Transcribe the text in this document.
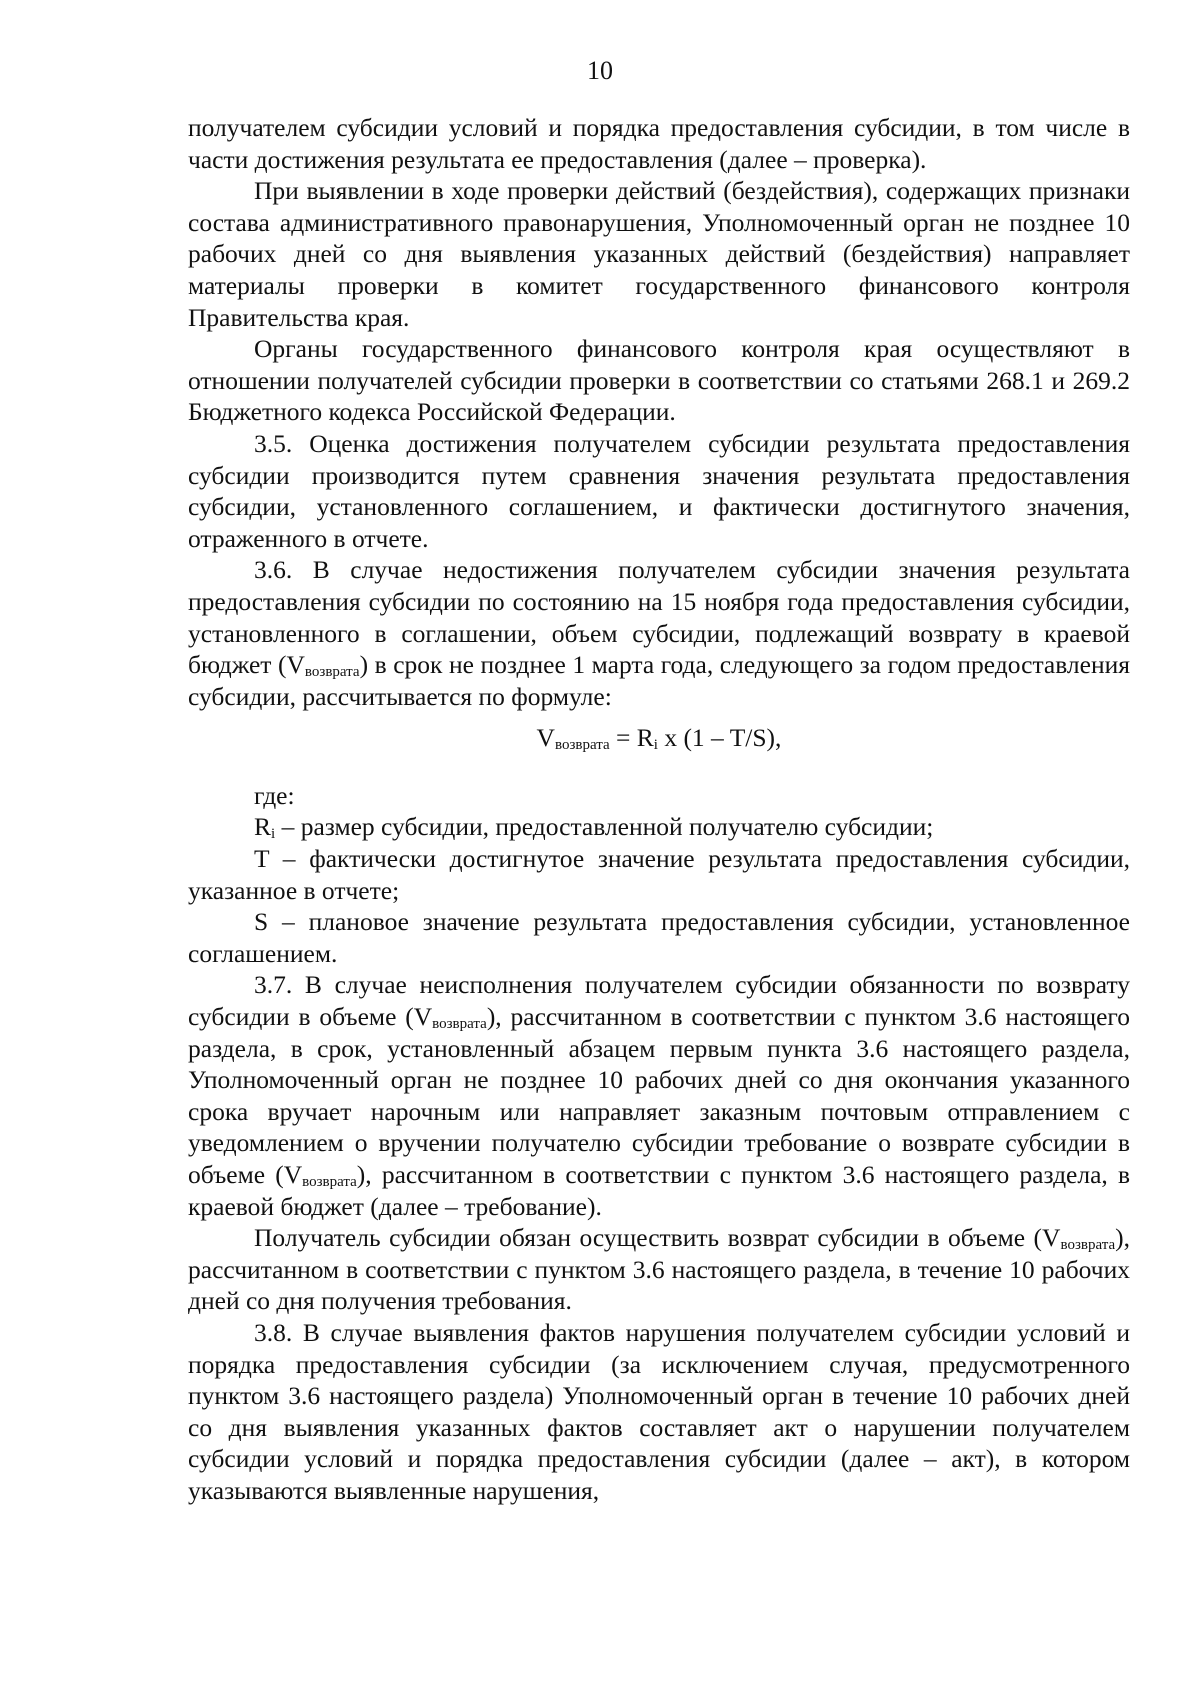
10

получателем субсидии условий и порядка предоставления субсидии, в том числе в части достижения результата ее предоставления (далее – проверка).

При выявлении в ходе проверки действий (бездействия), содержащих признаки состава административного правонарушения, Уполномоченный орган не позднее 10 рабочих дней со дня выявления указанных действий (бездействия) направляет материалы проверки в комитет государственного финансового контроля Правительства края.

Органы государственного финансового контроля края осуществляют в отношении получателей субсидии проверки в соответствии со статьями 268.1 и 269.2 Бюджетного кодекса Российской Федерации.

3.5. Оценка достижения получателем субсидии результата предоставления субсидии производится путем сравнения значения результата предоставления субсидии, установленного соглашением, и фактически достигнутого значения, отраженного в отчете.

3.6. В случае недостижения получателем субсидии значения результата предоставления субсидии по состоянию на 15 ноября года предоставления субсидии, установленного в соглашении, объем субсидии, подлежащий возврату в краевой бюджет $(V_{возврата})$ в срок не позднее 1 марта года, следующего за годом предоставления субсидии, рассчитывается по формуле:

$V_{возврата} = R_i$ x (1 – T/S),

где:

$R_i$ – размер субсидии, предоставленной получателю субсидии;

T – фактически достигнутое значение результата предоставления субсидии, указанное в отчете;

S – плановое значение результата предоставления субсидии, установленное соглашением.

3.7. В случае неисполнения получателем субсидии обязанности по возврату субсидии в объеме $(V_{возврата})$, рассчитанном в соответствии с пунктом 3.6 настоящего раздела, в срок, установленный абзацем первым пункта 3.6 настоящего раздела, Уполномоченный орган не позднее 10 рабочих дней со дня окончания указанного срока вручает нарочным или направляет заказным почтовым отправлением с уведомлением о вручении получателю субсидии требование о возврате субсидии в объеме $(V_{возврата})$, рассчитанном в соответствии с пунктом 3.6 настоящего раздела, в краевой бюджет (далее – требование).

Получатель субсидии обязан осуществить возврат субсидии в объеме $(V_{возврата})$, рассчитанном в соответствии с пунктом 3.6 настоящего раздела, в течение 10 рабочих дней со дня получения требования.

3.8. В случае выявления фактов нарушения получателем субсидии условий и порядка предоставления субсидии (за исключением случая, предусмотренного пунктом 3.6 настоящего раздела) Уполномоченный орган в течение 10 рабочих дней со дня выявления указанных фактов составляет акт о нарушении получателем субсидии условий и порядка предоставления субсидии (далее – акт), в котором указываются выявленные нарушения,
